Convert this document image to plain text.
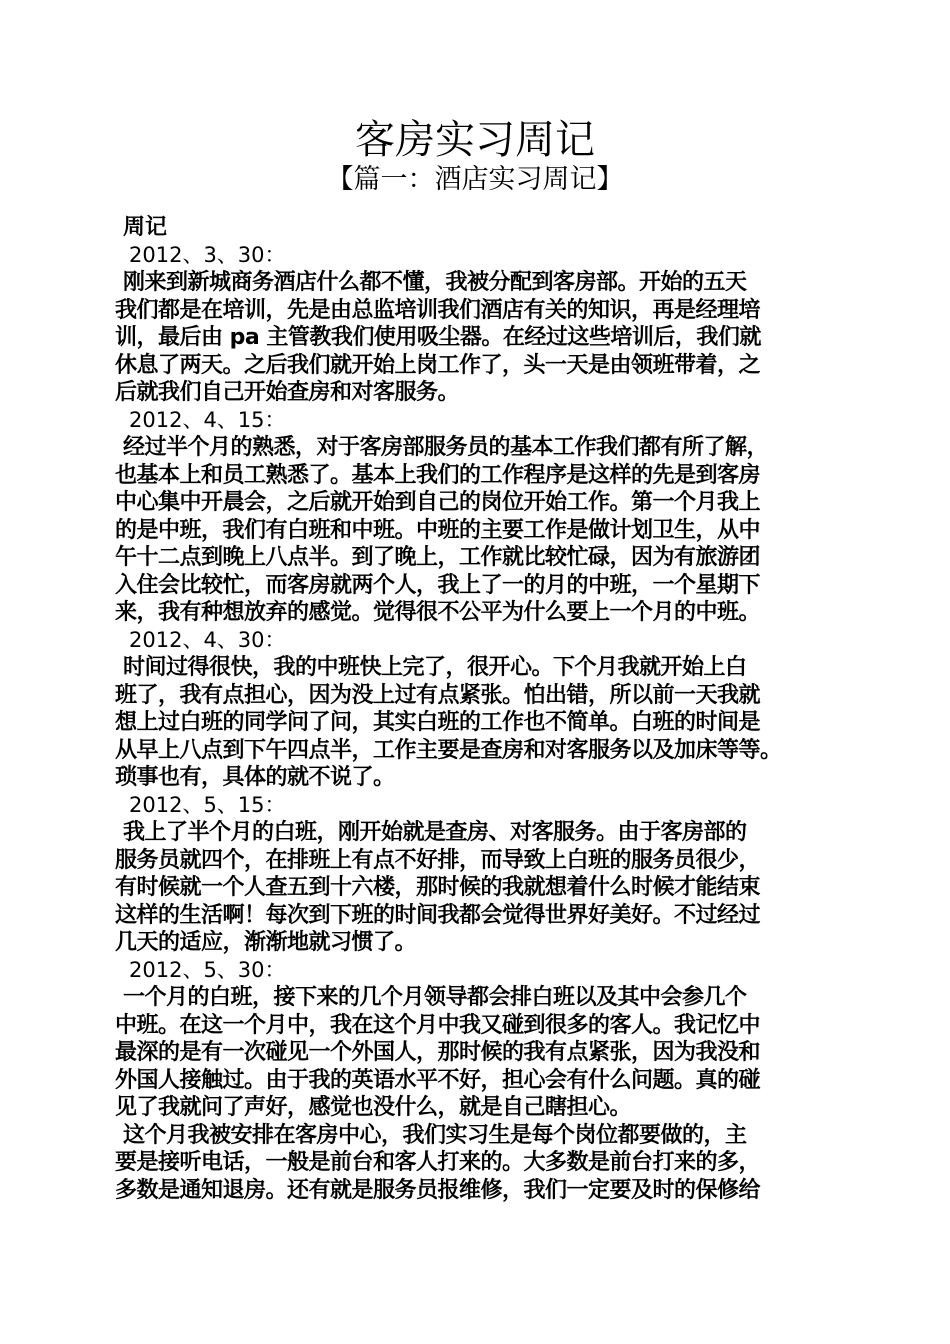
客房实习周记
【篇一：酒店实习周记】

周记

2012、3、30：

刚来到新城商务酒店什么都不懂，我被分配到客房部。开始的五天

我们都是在培训，先是由总监培训我们酒店有关的知识，再是经理培

训，最后由 pa 主管教我们使用吸尘器。在经过这些培训后，我们就

休息了两天。之后我们就开始上岗工作了，头一天是由领班带着，之

后就我们自己开始查房和对客服务。

2012、4、15：

经过半个月的熟悉，对于客房部服务员的基本工作我们都有所了解，

也基本上和员工熟悉了。基本上我们的工作程序是这样的先是到客房

中心集中开晨会，之后就开始到自己的岗位开始工作。第一个月我上

的是中班，我们有白班和中班。中班的主要工作是做计划卫生，从中

午十二点到晚上八点半。到了晚上，工作就比较忙碌，因为有旅游团

入住会比较忙，而客房就两个人，我上了一的月的中班，一个星期下

来，我有种想放弃的感觉。觉得很不公平为什么要上一个月的中班。

2012、4、30：

时间过得很快，我的中班快上完了，很开心。下个月我就开始上白

班了，我有点担心，因为没上过有点紧张。怕出错，所以前一天我就

想上过白班的同学问了问，其实白班的工作也不简单。白班的时间是

从早上八点到下午四点半，工作主要是查房和对客服务以及加床等等。

琐事也有，具体的就不说了。

2012、5、15：

我上了半个月的白班，刚开始就是查房、对客服务。由于客房部的

服务员就四个，在排班上有点不好排，而导致上白班的服务员很少，

有时候就一个人查五到十六楼，那时候的我就想着什么时候才能结束

这样的生活啊！每次到下班的时间我都会觉得世界好美好。不过经过

几天的适应，渐渐地就习惯了。

2012、5、30：

一个月的白班，接下来的几个月领导都会排白班以及其中会参几个

中班。在这一个月中，我在这个月中我又碰到很多的客人。我记忆中

最深的是有一次碰见一个外国人，那时候的我有点紧张，因为我没和

外国人接触过。由于我的英语水平不好，担心会有什么问题。真的碰

见了我就问了声好，感觉也没什么，就是自己瞎担心。

这个月我被安排在客房中心，我们实习生是每个岗位都要做的，主

要是接听电话，一般是前台和客人打来的。大多数是前台打来的多，

多数是通知退房。还有就是服务员报维修，我们一定要及时的保修给
